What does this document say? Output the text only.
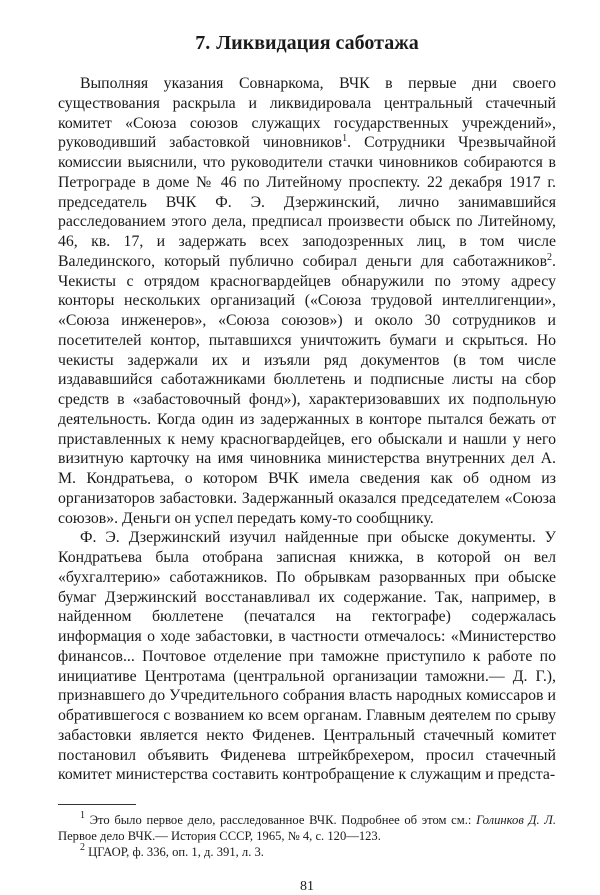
7. Ликвидация саботажа

Выполняя указания Совнаркома, ВЧК в первые дни своего существования раскрыла и ликвидировала центральный стачечный комитет «Союза союзов служащих государственных учреждений», руководивший забастовкой чиновников$^1$. Сотрудники Чрезвычайной комиссии выяснили, что руководители стачки чиновников собираются в Петрограде в доме № 46 по Литейному проспекту. 22 декабря 1917 г. председатель ВЧК Ф. Э. Дзержинский, лично занимавшийся расследованием этого дела, предписал произвести обыск по Литейному, 46, кв. 17, и задержать всех заподозренных лиц, в том числе Валединского, который публично собирал деньги для саботажников$^2$. Чекисты с отрядом красногвардейцев обнаружили по этому адресу конторы нескольких организаций («Союза трудовой интеллигенции», «Союза инженеров», «Союза союзов») и около 30 сотрудников и посетителей контор, пытавшихся уничтожить бумаги и скрыться. Но чекисты задержали их и изъяли ряд документов (в том числе издававшийся саботажниками бюллетень и подписные листы на сбор средств в «забастовочный фонд»), характеризовавших их подпольную деятельность. Когда один из задержанных в конторе пытался бежать от приставленных к нему красногвардейцев, его обыскали и нашли у него визитную карточку на имя чиновника министерства внутренних дел А. М. Кондратьева, о котором ВЧК имела сведения как об одном из организаторов забастовки. Задержанный оказался председателем «Союза союзов». Деньги он успел передать кому-то сообщнику.

Ф. Э. Дзержинский изучил найденные при обыске документы. У Кондратьева была отобрана записная книжка, в которой он вел «бухгалтерию» саботажников. По обрывкам разорванных при обыске бумаг Дзержинский восстанавливал их содержание. Так, например, в найденном бюллетене (печатался на гектографе) содержалась информация о ходе забастовки, в частности отмечалось: «Министерство финансов... Почтовое отделение при таможне приступило к работе по инициативе Центротама (центральной организации таможни.— Д. Г.), признавшего до Учредительного собрания власть народных комиссаров и обратившегося с возванием ко всем органам. Главным деятелем по срыву забастовки является некто Фиденев. Центральный стачечный комитет постановил объявить Фиденева штрейкбрехером, просил стачечный комитет министерства составить контробращение к служащим и предста-

$^1$ Это было первое дело, расследованное ВЧК. Подробнее об этом см.: Голинков Д. Л. Первое дело ВЧК.— История СССР, 1965, № 4, с. 120—123.

$^2$ ЦГАОР, ф. 336, оп. 1, д. 391, л. 3.

81
